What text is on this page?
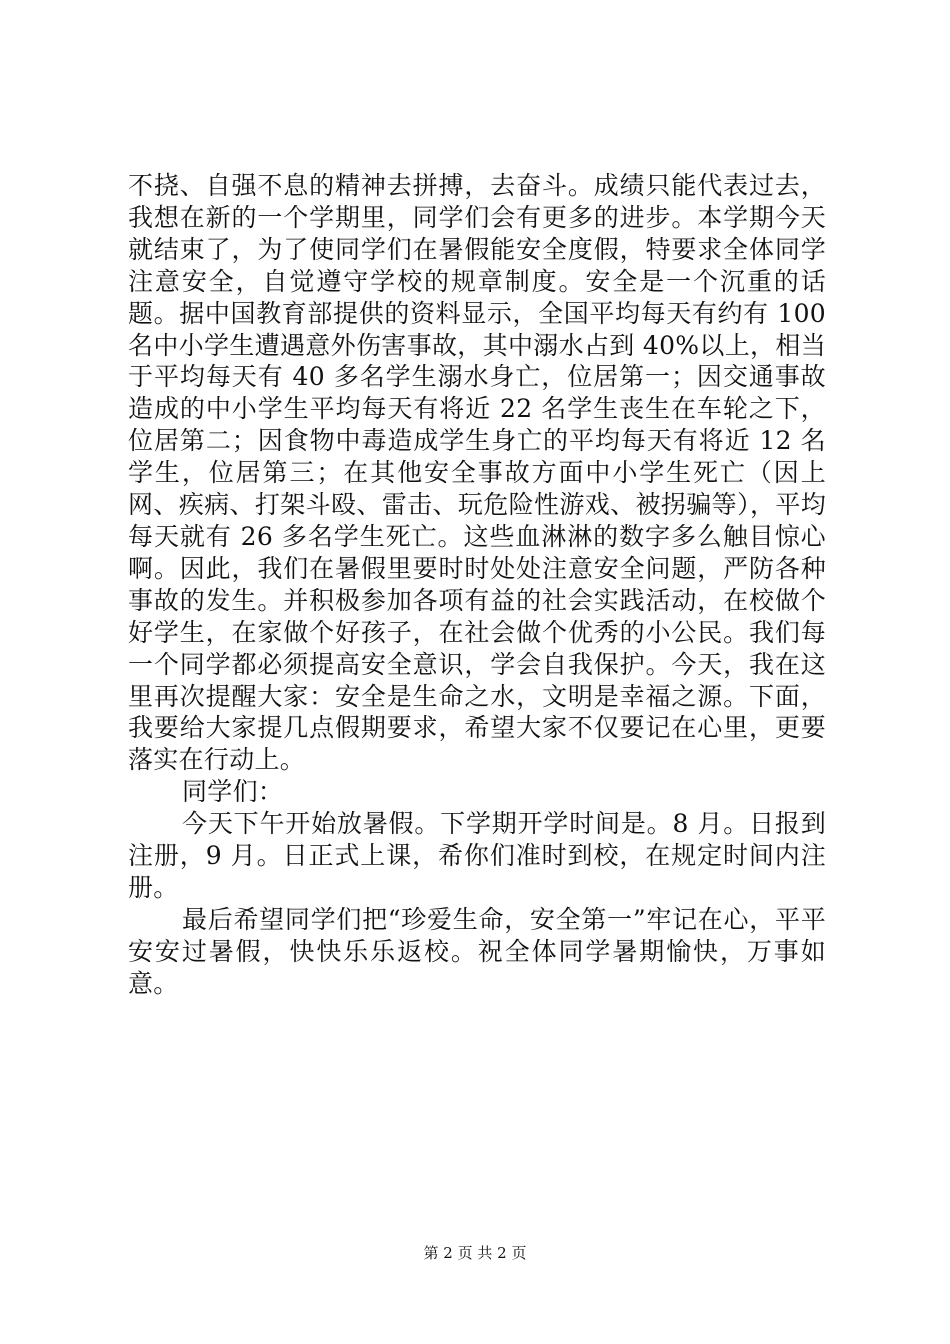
不挠、自强不息的精神去拼搏，去奋斗。成绩只能代表过去，我想在新的一个学期里，同学们会有更多的进步。本学期今天就结束了，为了使同学们在暑假能安全度假，特要求全体同学注意安全，自觉遵守学校的规章制度。安全是一个沉重的话题。据中国教育部提供的资料显示，全国平均每天有约有 100 名中小学生遭遇意外伤害事故，其中溺水占到 40%以上，相当于平均每天有 40 多名学生溺水身亡，位居第一；因交通事故造成的中小学生平均每天有将近 22 名学生丧生在车轮之下，位居第二；因食物中毒造成学生身亡的平均每天有将近 12 名学生，位居第三；在其他安全事故方面中小学生死亡（因上网、疾病、打架斗殴、雷击、玩危险性游戏、被拐骗等），平均每天就有 26 多名学生死亡。这些血淋淋的数字多么触目惊心啊。因此，我们在暑假里要时时处处注意安全问题，严防各种事故的发生。并积极参加各项有益的社会实践活动，在校做个好学生，在家做个好孩子，在社会做个优秀的小公民。我们每一个同学都必须提高安全意识，学会自我保护。今天，我在这里再次提醒大家：安全是生命之水，文明是幸福之源。下面，我要给大家提几点假期要求，希望大家不仅要记在心里，更要落实在行动上。

同学们：

今天下午开始放暑假。下学期开学时间是。8 月。日报到注册，9 月。日正式上课，希你们准时到校，在规定时间内注册。

最后希望同学们把“珍爱生命，安全第一”牢记在心，平平安安过暑假，快快乐乐返校。祝全体同学暑期愉快，万事如意。

第 2 页 共 2 页
